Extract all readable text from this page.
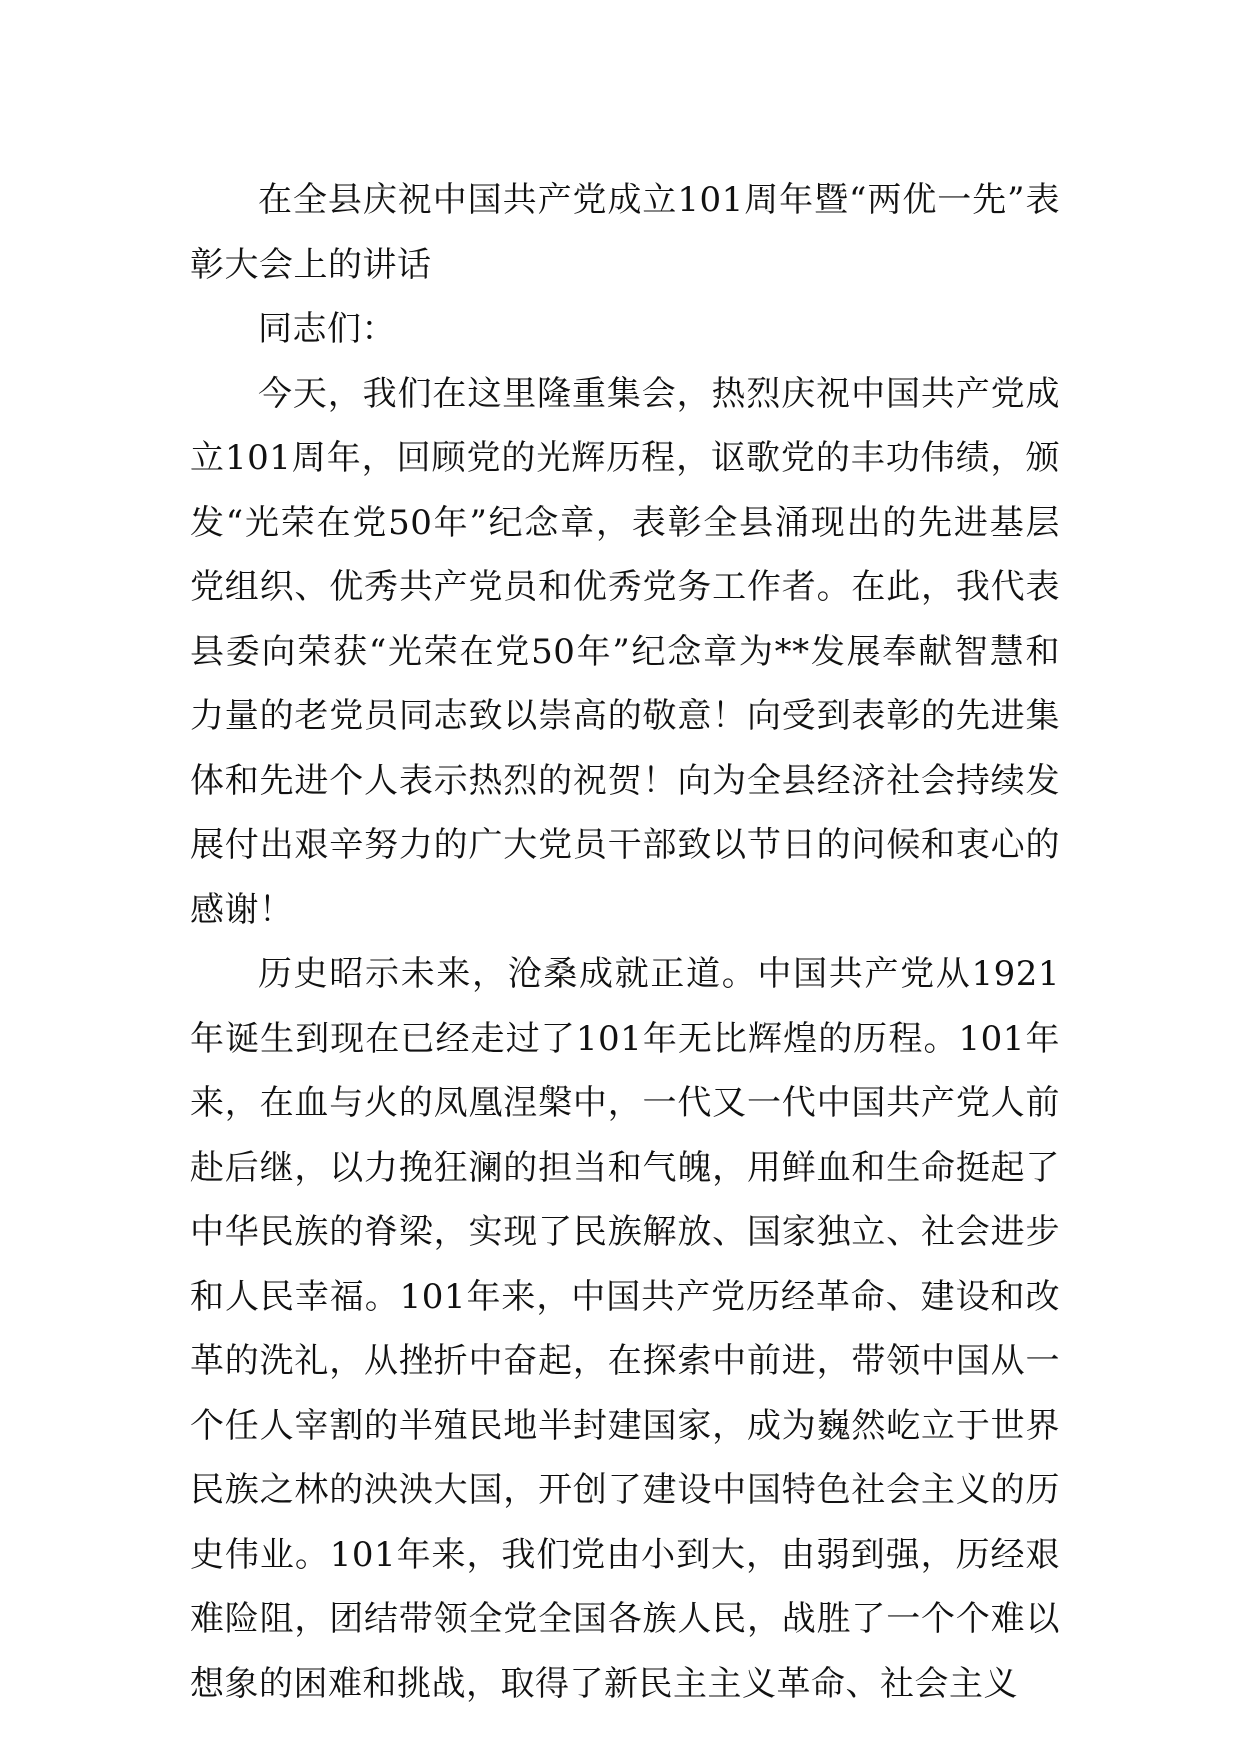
在全县庆祝中国共产党成立101周年暨“两优一先”表彰大会上的讲话

同志们：

今天，我们在这里隆重集会，热烈庆祝中国共产党成立101周年，回顾党的光辉历程，讴歌党的丰功伟绩，颁发“光荣在党50年”纪念章，表彰全县涌现出的先进基层党组织、优秀共产党员和优秀党务工作者。在此，我代表县委向荣获“光荣在党50年”纪念章为**发展奉献智慧和力量的老党员同志致以崇高的敬意！向受到表彰的先进集体和先进个人表示热烈的祝贺！向为全县经济社会持续发展付出艰辛努力的广大党员干部致以节日的问候和衷心的感谢！

历史昭示未来，沧桑成就正道。中国共产党从1921年诞生到现在已经走过了101年无比辉煌的历程。101年来，在血与火的凤凰涅槃中，一代又一代中国共产党人前赴后继，以力挽狂澜的担当和气魄，用鲜血和生命挺起了中华民族的脊梁，实现了民族解放、国家独立、社会进步和人民幸福。101年来，中国共产党历经革命、建设和改革的洗礼，从挫折中奋起，在探索中前进，带领中国从一个任人宰割的半殖民地半封建国家，成为巍然屹立于世界民族之林的泱泱大国，开创了建设中国特色社会主义的历史伟业。101年来，我们党由小到大，由弱到强，历经艰难险阻，团结带领全党全国各族人民，战胜了一个个难以想象的困难和挑战，取得了新民主主义革命、社会主义
